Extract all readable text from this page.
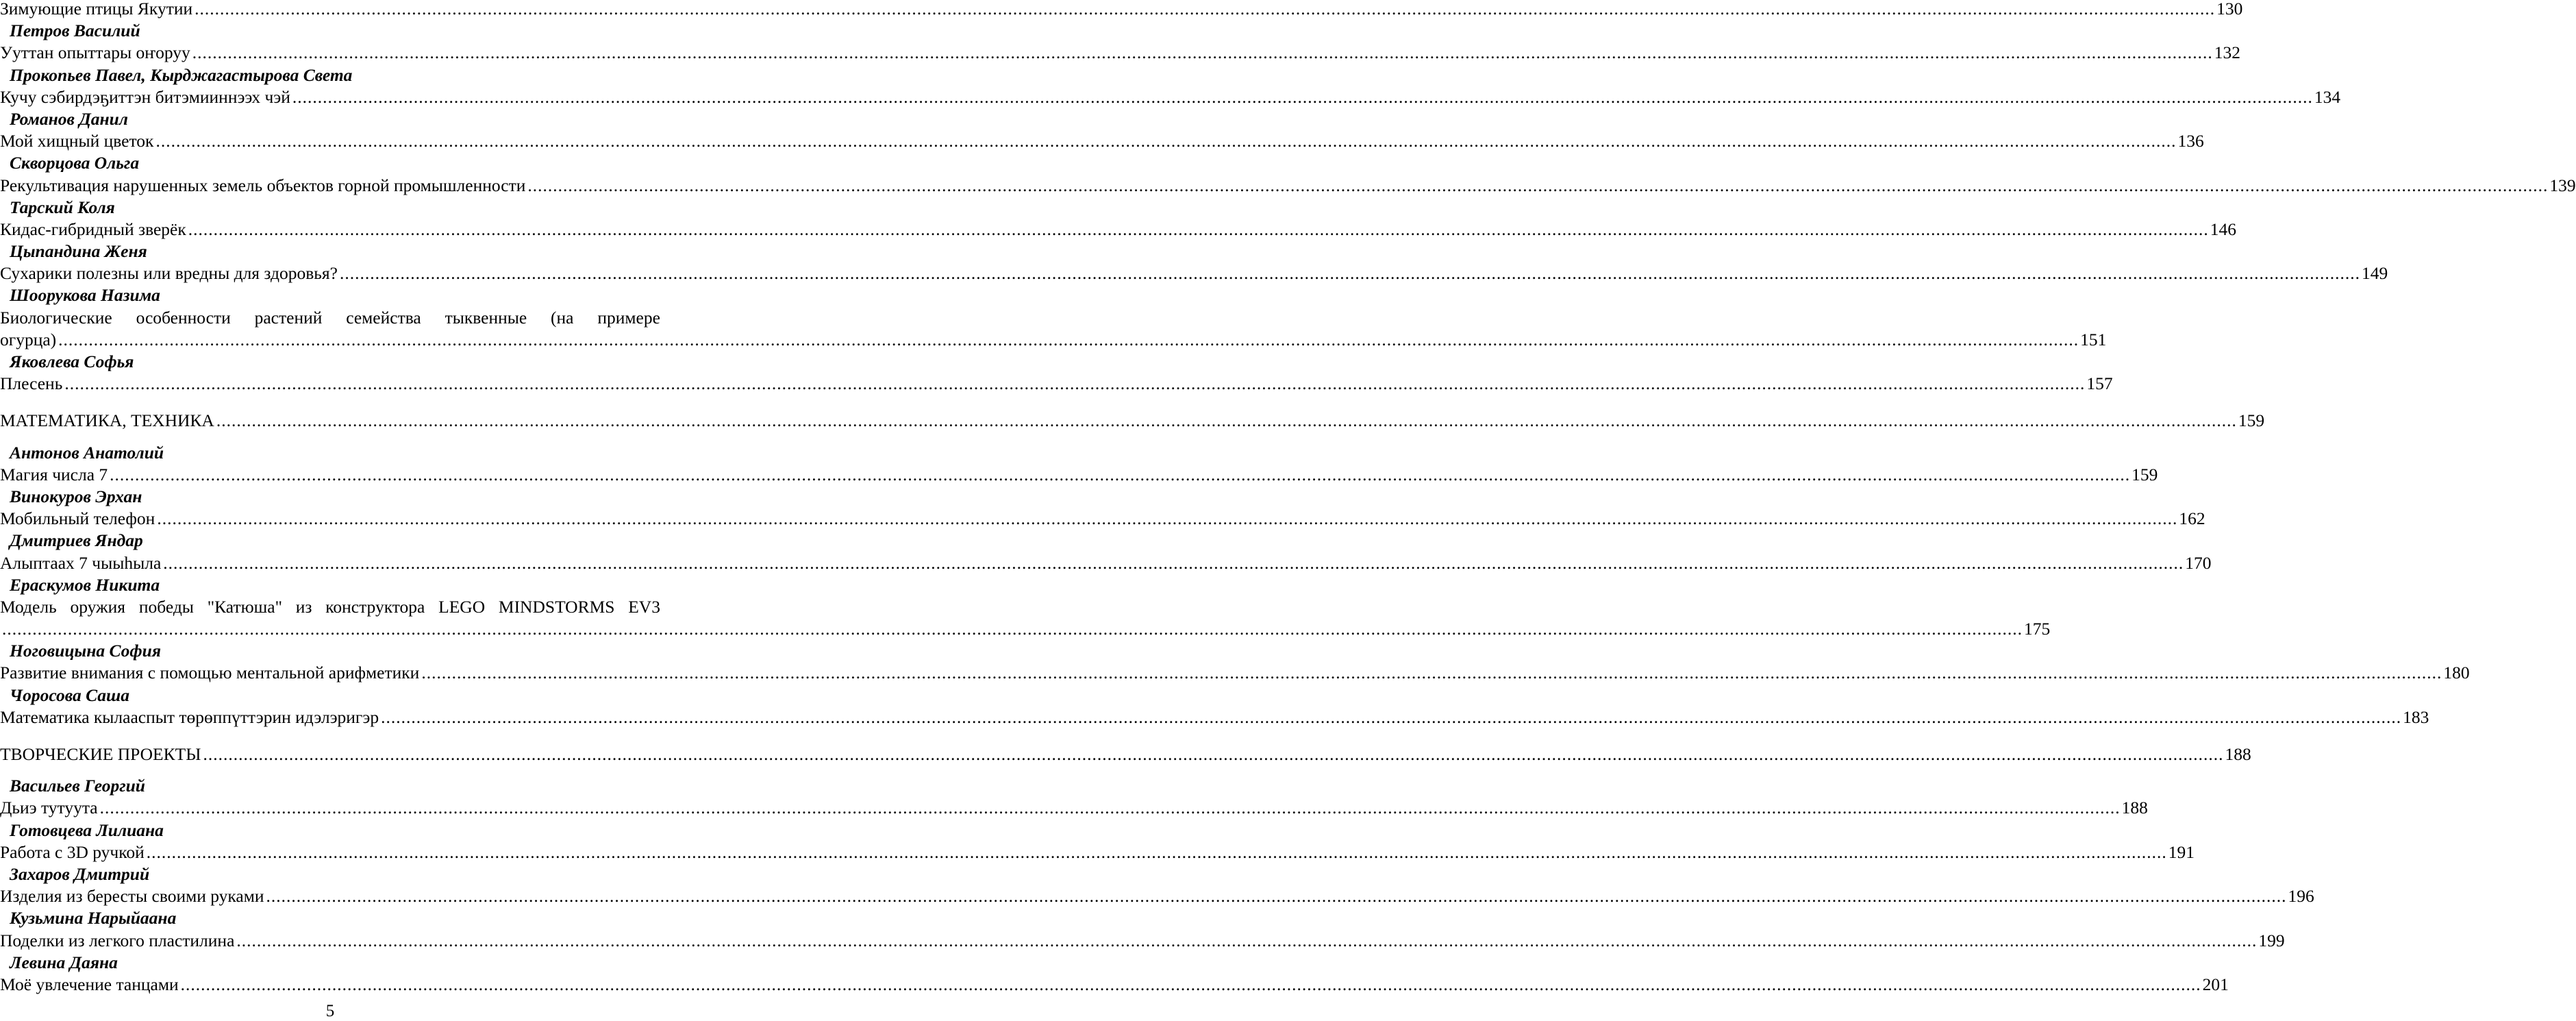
Зимующие птицы Якутии ................................................................................................................................................................................................................................................................................................................................................................................................................ 130
Петров Василий
Ууттан опыттары оҥоруу ................................................................................................................................................................................................................................................................................................................................................................................................................ 132
Прокопьев Павел, Кырджагастырова Света
Кучу сэбирдэҕиттэн битэмииннээх чэй ................................................................................................................................................................................................................................................................................................................................................................................................................ 134
Романов Данил
Мой хищный цветок ................................................................................................................................................................................................................................................................................................................................................................................................................ 136
Скворцова Ольга
Рекультивация нарушенных земель объектов горной промышленности ................................................................................................................................................................................................................................................................................................................................................................................................................ 139
Тарский Коля
Кидас-гибридный зверёк ................................................................................................................................................................................................................................................................................................................................................................................................................ 146
Цыпандина Женя
Сухарики полезны или вредны для здоровья? ................................................................................................................................................................................................................................................................................................................................................................................................................ 149
Шоорукова Назима
Биологические особенности растений семейства тыквенные (на примере
огурца) ................................................................................................................................................................................................................................................................................................................................................................................................................ 151
Яковлева Софья
Плесень ................................................................................................................................................................................................................................................................................................................................................................................................................ 157
МАТЕМАТИКА, ТЕХНИКА ................................................................................................................................................................................................................................................................................................................................................................................................................ 159
Антонов Анатолий
Магия числа 7 ................................................................................................................................................................................................................................................................................................................................................................................................................ 159
Винокуров Эрхан
Мобильный телефон ................................................................................................................................................................................................................................................................................................................................................................................................................ 162
Дмитриев Яндар
Алыптаах 7 чыыһыла ................................................................................................................................................................................................................................................................................................................................................................................................................ 170
Ераскумов Никита
Модель оружия победы "Катюша" из конструктора LEGO MINDSTORMS EV3
................................................................................................................................................................................................................................................................................................................................................................................................................ 175
Ноговицына София
Развитие внимания с помощью ментальной арифметики ................................................................................................................................................................................................................................................................................................................................................................................................................ 180
Чоросова Саша
Математика кылааспыт төрөппүттэрин идэлэригэр ................................................................................................................................................................................................................................................................................................................................................................................................................ 183
ТВОРЧЕСКИЕ ПРОЕКТЫ ................................................................................................................................................................................................................................................................................................................................................................................................................ 188
Васильев Георгий
Дьиэ тутуута ................................................................................................................................................................................................................................................................................................................................................................................................................ 188
Готовцева Лилиана
Работа с 3D ручкой ................................................................................................................................................................................................................................................................................................................................................................................................................ 191
Захаров Дмитрий
Изделия из бересты своими руками ................................................................................................................................................................................................................................................................................................................................................................................................................ 196
Кузьмина Нарыйаана
Поделки из легкого пластилина ................................................................................................................................................................................................................................................................................................................................................................................................................ 199
Левина Даяна
Моё увлечение танцами ................................................................................................................................................................................................................................................................................................................................................................................................................ 201
5
